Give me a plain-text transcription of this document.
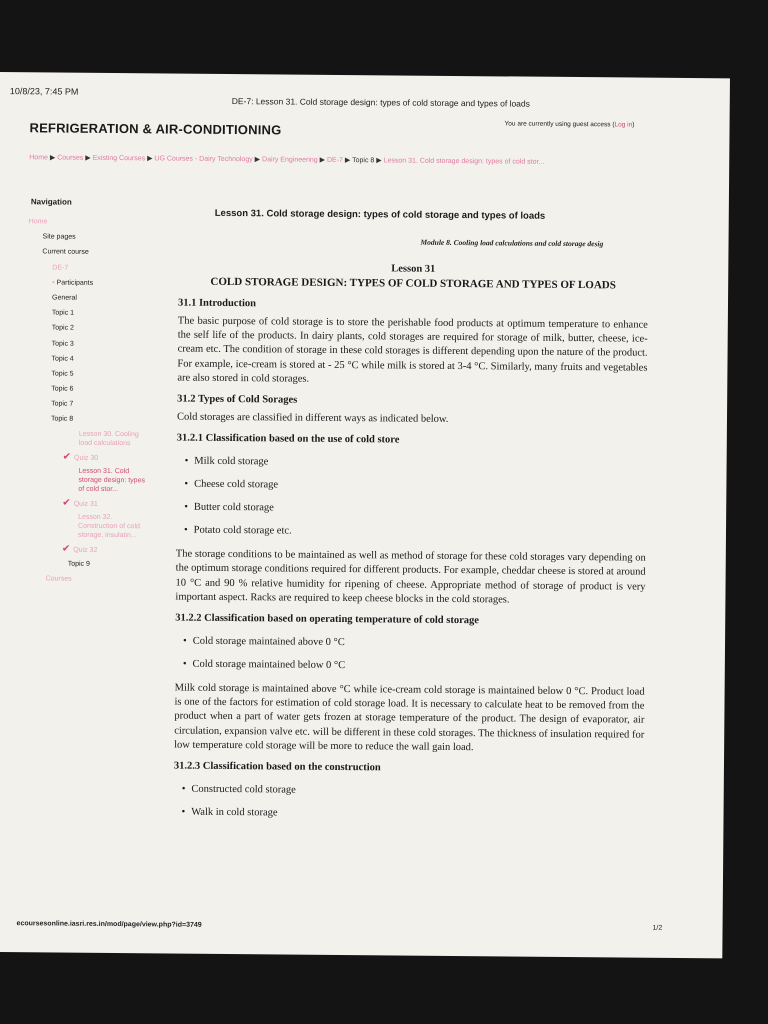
10/8/23, 7:45 PM
DE-7: Lesson 31. Cold storage design: types of cold storage and types of loads
REFRIGERATION & AIR-CONDITIONING	You are currently using guest access (Log in)
Home ▶ Courses ▶ Existing Courses ▶ UG Courses - Dairy Technology ▶ Dairy Engineering ▶ DE-7 ▶ Topic 8 ▶ Lesson 31. Cold storage design: types of cold stor...
Navigation
Home
Site pages
Current course
DE-7
• Participants
General
Topic 1
Topic 2
Topic 3
Topic 4
Topic 5
Topic 6
Topic 7
Topic 8
Lesson 30. Cooling load calculations
✔ Quiz 30
Lesson 31. Cold storage design: types of cold stor...
✔ Quiz 31
Lesson 32. Construction of cold storage, insulatin...
✔ Quiz 32
Topic 9
Courses
Lesson 31. Cold storage design: types of cold storage and types of loads
Module 8. Cooling load calculations and cold storage desig
Lesson 31
COLD STORAGE DESIGN: TYPES OF COLD STORAGE AND TYPES OF LOADS
31.1 Introduction

The basic purpose of cold storage is to store the perishable food products at optimum temperature to enhance the self life of the products. In dairy plants, cold storages are required for storage of milk, butter, cheese, ice-cream etc. The condition of storage in these cold storages is different depending upon the nature of the product. For example, ice-cream is stored at - 25 °C while milk is stored at 3-4 °C. Similarly, many fruits and vegetables are also stored in cold storages.

31.2 Types of Cold Sorages

Cold storages are classified in different ways as indicated below.

31.2.1 Classification based on the use of cold store
• Milk cold storage
• Cheese cold storage
• Butter cold storage
• Potato cold storage etc.

The storage conditions to be maintained as well as method of storage for these cold storages vary depending on the optimum storage conditions required for different products. For example, cheddar cheese is stored at around 10 °C and 90 % relative humidity for ripening of cheese. Appropriate method of storage of product is very important aspect. Racks are required to keep cheese blocks in the cold storages.

31.2.2 Classification based on operating temperature of cold storage
• Cold storage maintained above 0 °C
• Cold storage maintained below 0 °C

Milk cold storage is maintained above °C while ice-cream cold storage is maintained below 0 °C. Product load is one of the factors for estimation of cold storage load. It is necessary to calculate heat to be removed from the product when a part of water gets frozen at storage temperature of the product. The design of evaporator, air circulation, expansion valve etc. will be different in these cold storages. The thickness of insulation required for low temperature cold storage will be more to reduce the wall gain load.

31.2.3 Classification based on the construction
• Constructed cold storage
• Walk in cold storage
ecoursesonline.iasri.res.in/mod/page/view.php?id=3749	1/2
